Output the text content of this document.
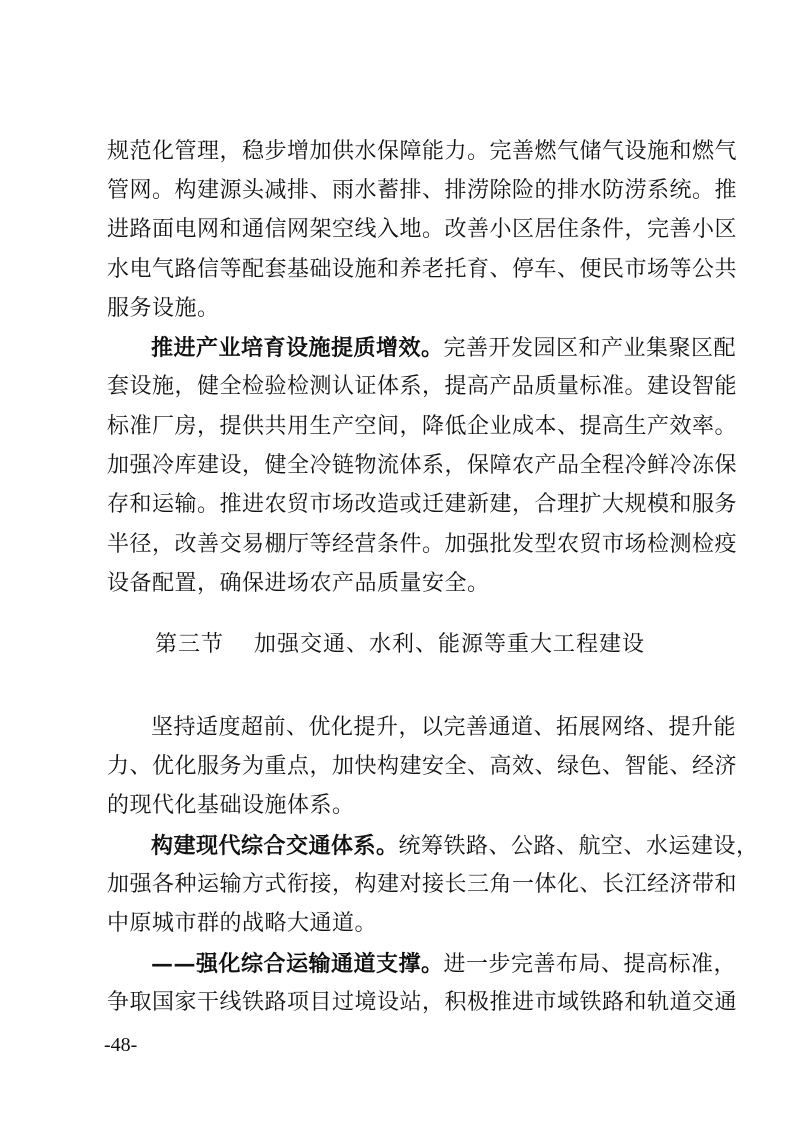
规范化管理，稳步增加供水保障能力。完善燃气储气设施和燃气
管网。构建源头减排、雨水蓄排、排涝除险的排水防涝系统。推
进路面电网和通信网架空线入地。改善小区居住条件，完善小区
水电气路信等配套基础设施和养老托育、停车、便民市场等公共
服务设施。
推进产业培育设施提质增效。完善开发园区和产业集聚区配
套设施，健全检验检测认证体系，提高产品质量标准。建设智能
标准厂房，提供共用生产空间，降低企业成本、提高生产效率。
加强冷库建设，健全冷链物流体系，保障农产品全程冷鲜冷冻保
存和运输。推进农贸市场改造或迁建新建，合理扩大规模和服务
半径，改善交易棚厅等经营条件。加强批发型农贸市场检测检疫
设备配置，确保进场农产品质量安全。
第三节 加强交通、水利、能源等重大工程建设
坚持适度超前、优化提升，以完善通道、拓展网络、提升能
力、优化服务为重点，加快构建安全、高效、绿色、智能、经济
的现代化基础设施体系。
构建现代综合交通体系。统筹铁路、公路、航空、水运建设，
加强各种运输方式衔接，构建对接长三角一体化、长江经济带和
中原城市群的战略大通道。
——强化综合运输通道支撑。进一步完善布局、提高标准，
争取国家干线铁路项目过境设站，积极推进市域铁路和轨道交通
-48-
